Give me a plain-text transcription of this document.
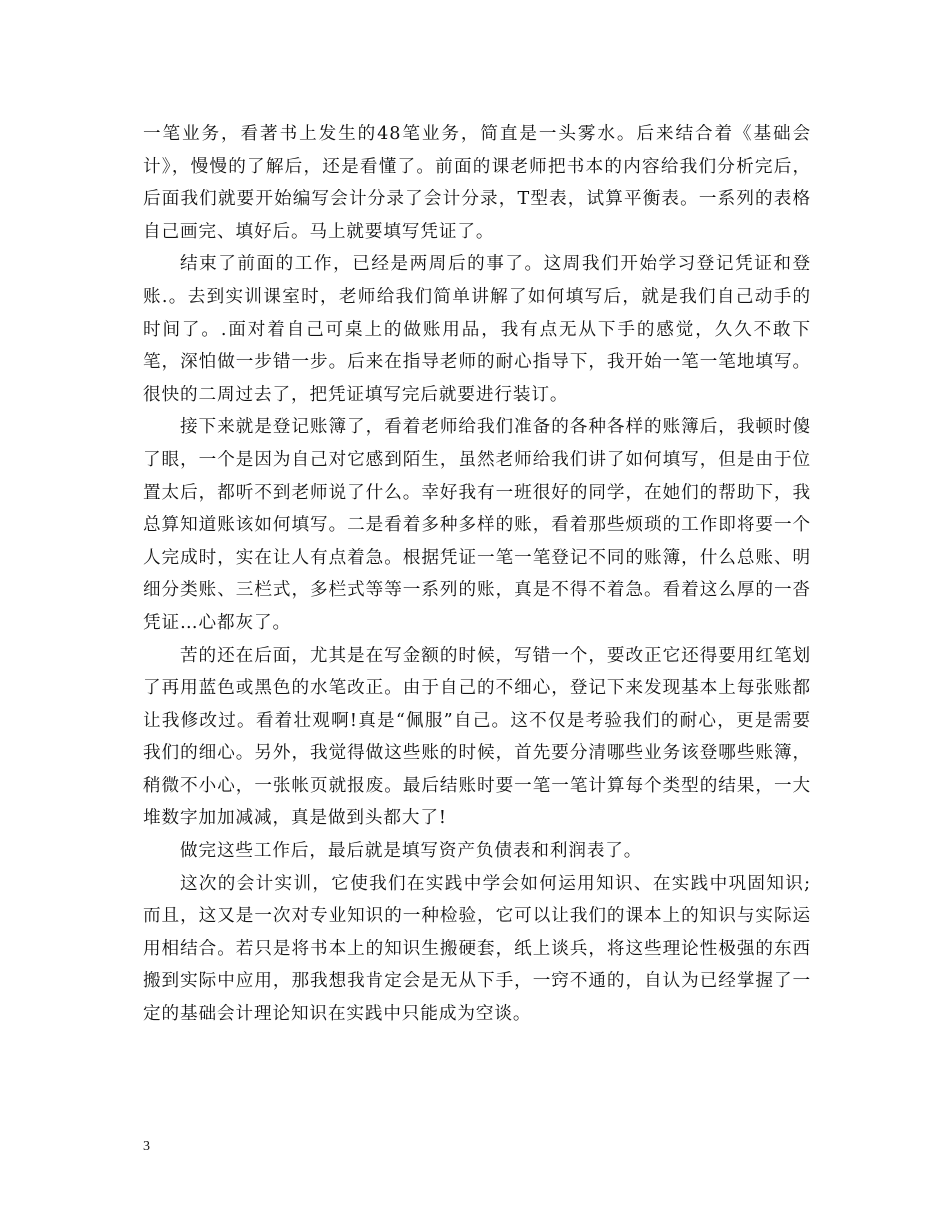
一笔业务，看著书上发生的48笔业务，简直是一头雾水。后来结合着《基础会计》，慢慢的了解后，还是看懂了。前面的课老师把书本的内容给我们分析完后，后面我们就要开始编写会计分录了会计分录，T型表，试算平衡表。一系列的表格自己画完、填好后。马上就要填写凭证了。

结束了前面的工作，已经是两周后的事了。这周我们开始学习登记凭证和登账.。去到实训课室时，老师给我们简单讲解了如何填写后，就是我们自己动手的时间了。.面对着自己可桌上的做账用品，我有点无从下手的感觉，久久不敢下笔，深怕做一步错一步。后来在指导老师的耐心指导下，我开始一笔一笔地填写。很快的二周过去了，把凭证填写完后就要进行装订。

接下来就是登记账簿了，看着老师给我们准备的各种各样的账簿后，我顿时傻了眼，一个是因为自己对它感到陌生，虽然老师给我们讲了如何填写，但是由于位置太后，都听不到老师说了什么。幸好我有一班很好的同学，在她们的帮助下，我总算知道账该如何填写。二是看着多种多样的账，看着那些烦琐的工作即将要一个人完成时，实在让人有点着急。根据凭证一笔一笔登记不同的账簿，什么总账、明细分类账、三栏式，多栏式等等一系列的账，真是不得不着急。看着这么厚的一沓凭证…心都灰了。

苦的还在后面，尤其是在写金额的时候，写错一个，要改正它还得要用红笔划了再用蓝色或黑色的水笔改正。由于自己的不细心，登记下来发现基本上每张账都让我修改过。看着壮观啊!真是“佩服”自己。这不仅是考验我们的耐心，更是需要我们的细心。另外，我觉得做这些账的时候，首先要分清哪些业务该登哪些账簿，稍微不小心，一张帐页就报废。最后结账时要一笔一笔计算每个类型的结果，一大堆数字加加减减，真是做到头都大了!

做完这些工作后，最后就是填写资产负债表和利润表了。

这次的会计实训，它使我们在实践中学会如何运用知识、在实践中巩固知识;而且，这又是一次对专业知识的一种检验，它可以让我们的课本上的知识与实际运用相结合。若只是将书本上的知识生搬硬套，纸上谈兵，将这些理论性极强的东西搬到实际中应用，那我想我肯定会是无从下手，一窍不通的，自认为已经掌握了一定的基础会计理论知识在实践中只能成为空谈。

3
